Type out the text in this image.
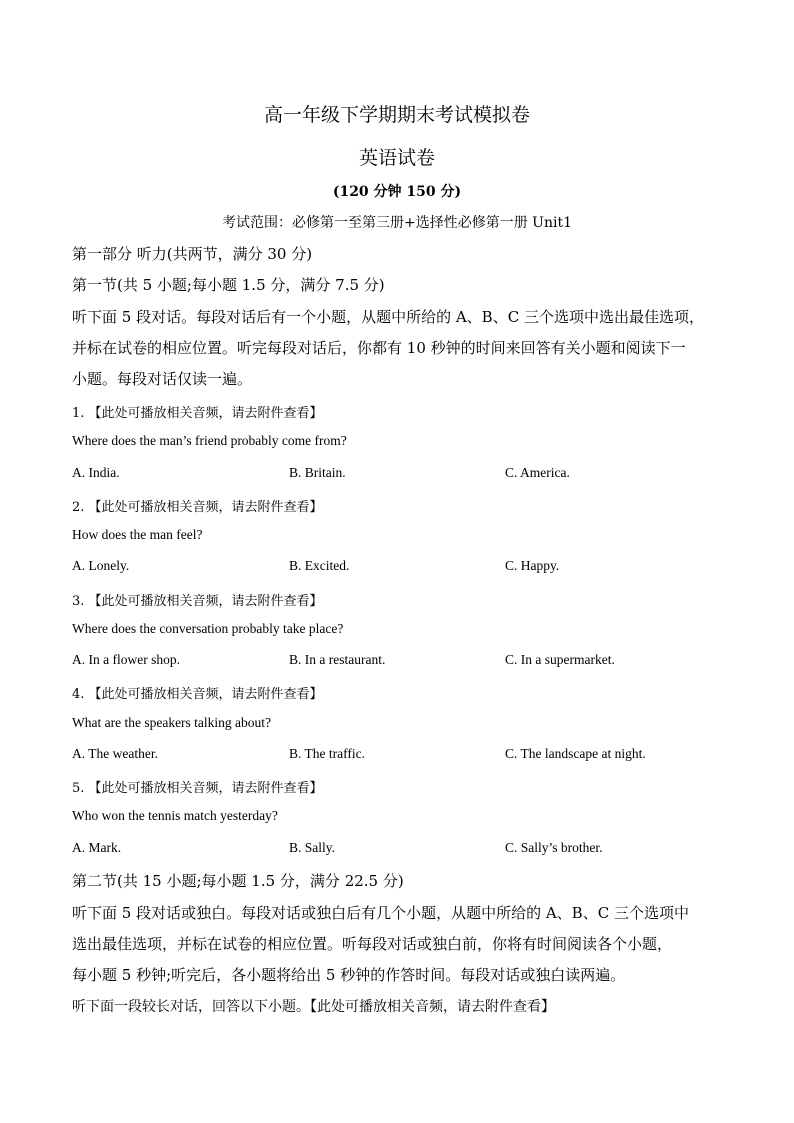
高一年级下学期期末考试模拟卷
英语试卷
(120 分钟 150 分)
考试范围：必修第一至第三册+选择性必修第一册 Unit1
第一部分 听力(共两节，满分 30 分)
第一节(共 5 小题;每小题 1.5 分，满分 7.5 分)
听下面 5 段对话。每段对话后有一个小题，从题中所给的 A、B、C 三个选项中选出最佳选项，
并标在试卷的相应位置。听完每段对话后，你都有 10 秒钟的时间来回答有关小题和阅读下一
小题。每段对话仅读一遍。
1. 【此处可播放相关音频，请去附件查看】
Where does the man’s friend probably come from?
A. India.	B. Britain.	C. America.
2. 【此处可播放相关音频，请去附件查看】
How does the man feel?
A. Lonely.	B. Excited.	C. Happy.
3. 【此处可播放相关音频，请去附件查看】
Where does the conversation probably take place?
A. In a flower shop.	B. In a restaurant.	C. In a supermarket.
4. 【此处可播放相关音频，请去附件查看】
What are the speakers talking about?
A. The weather.	B. The traffic.	C. The landscape at night.
5. 【此处可播放相关音频，请去附件查看】
Who won the tennis match yesterday?
A. Mark.	B. Sally.	C. Sally’s brother.
第二节(共 15 小题;每小题 1.5 分，满分 22.5 分)
听下面 5 段对话或独白。每段对话或独白后有几个小题，从题中所给的 A、B、C 三个选项中
选出最佳选项，并标在试卷的相应位置。听每段对话或独白前，你将有时间阅读各个小题，
每小题 5 秒钟;听完后，各小题将给出 5 秒钟的作答时间。每段对话或独白读两遍。
听下面一段较长对话，回答以下小题。【此处可播放相关音频，请去附件查看】
